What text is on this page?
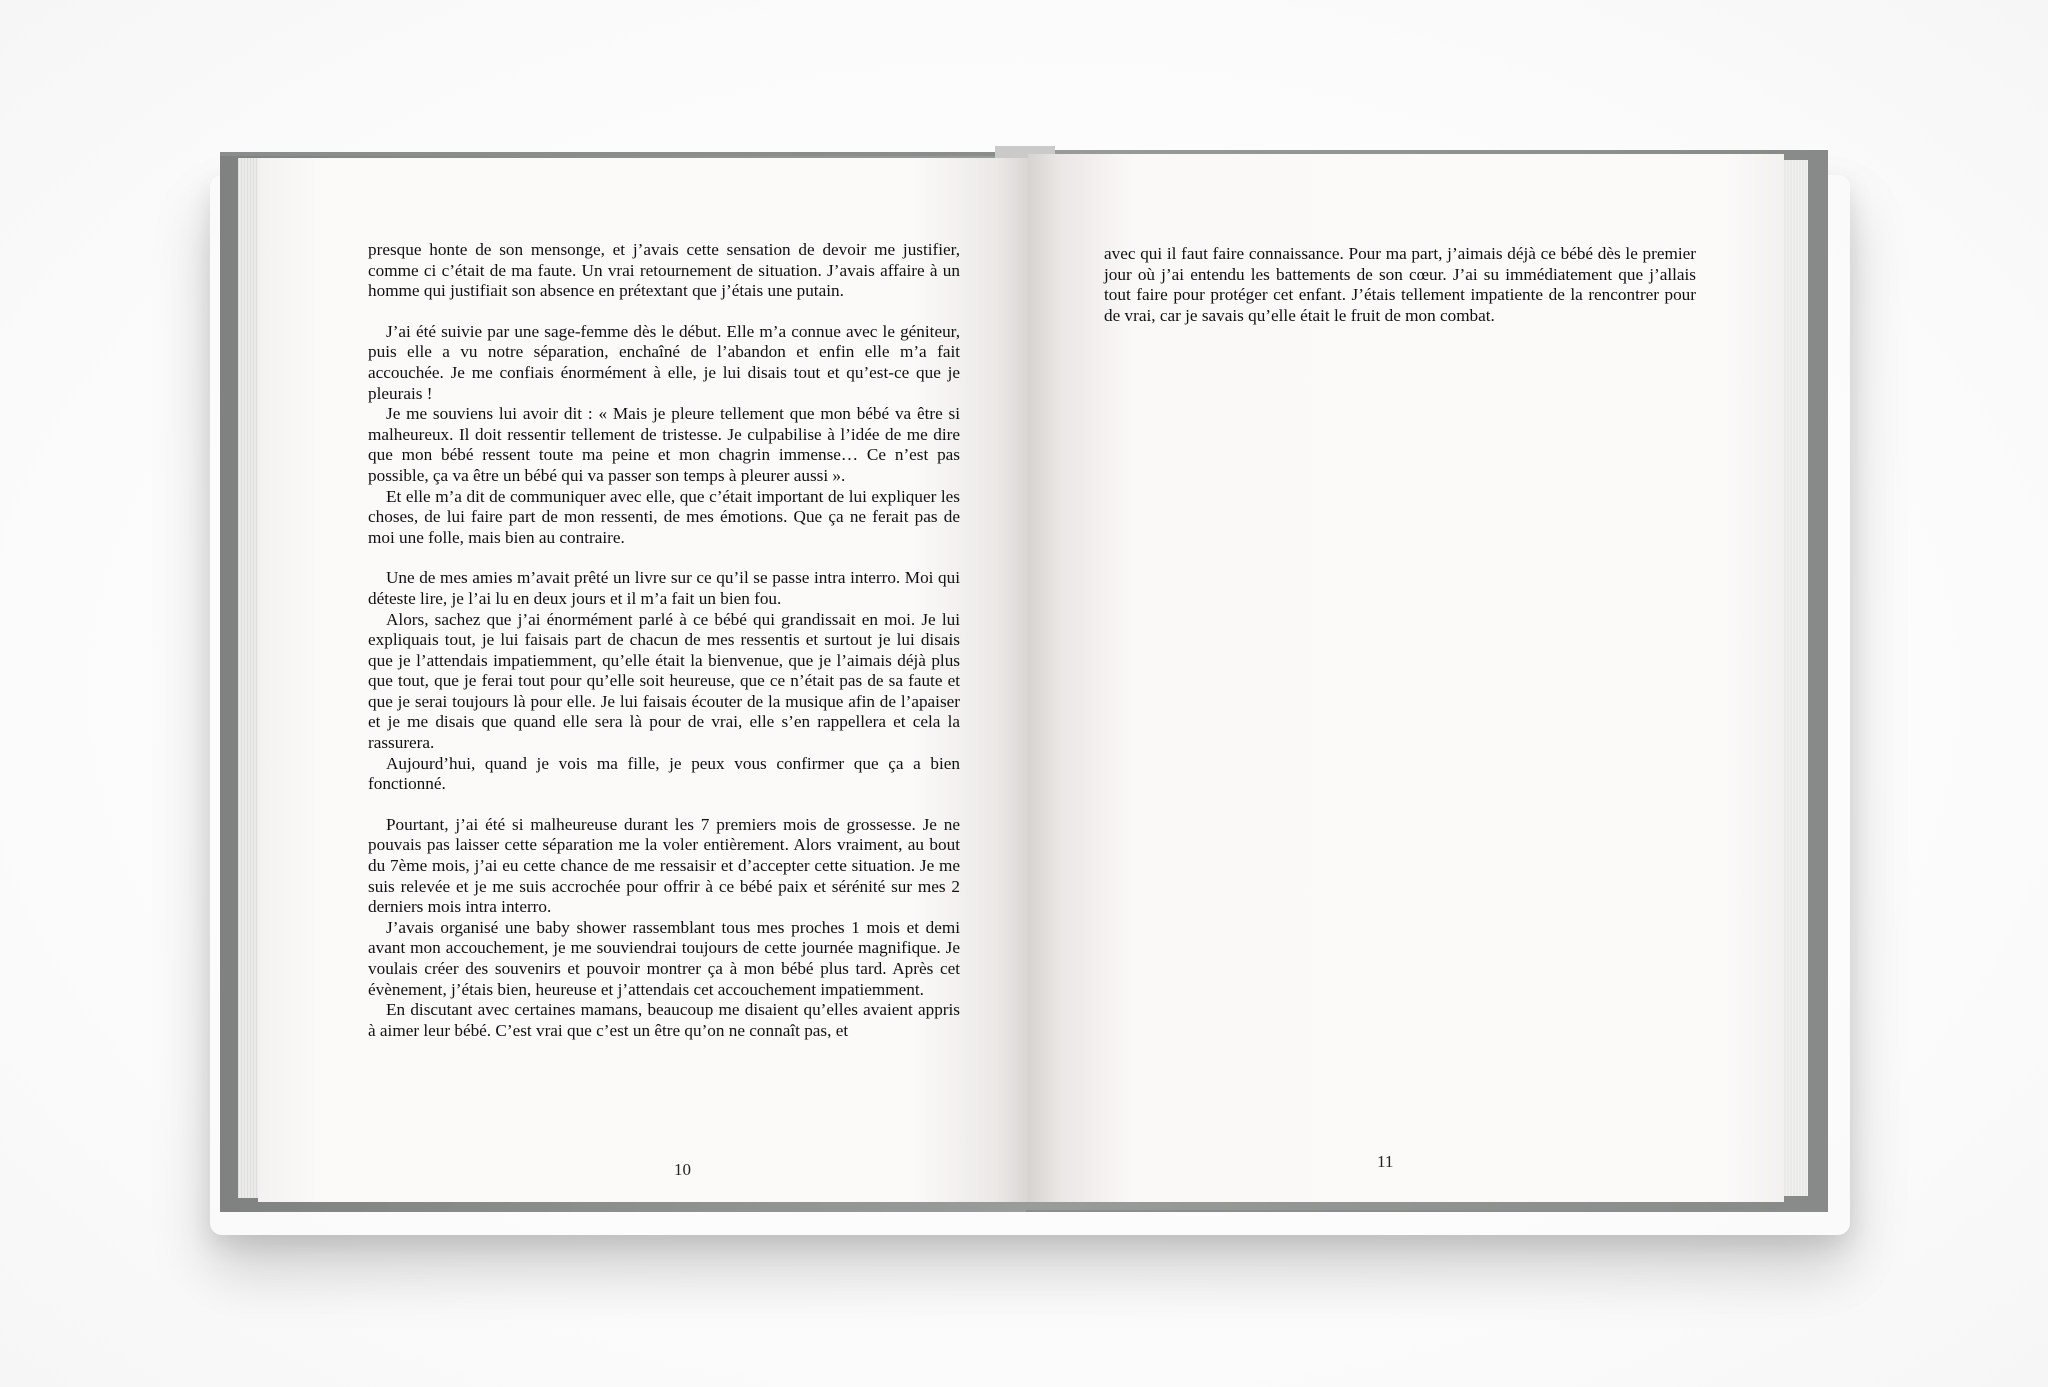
presque honte de son mensonge, et j’avais cette sensation de devoir me justifier, comme ci c’était de ma faute. Un vrai retournement de situation. J’avais affaire à un homme qui justifiait son absence en prétextant que j’étais une putain.

J’ai été suivie par une sage-femme dès le début. Elle m’a connue avec le géniteur, puis elle a vu notre séparation, enchaîné de l’abandon et enfin elle m’a fait accouchée. Je me confiais énormément à elle, je lui disais tout et qu’est-ce que je pleurais !

Je me souviens lui avoir dit : « Mais je pleure tellement que mon bébé va être si malheureux. Il doit ressentir tellement de tristesse. Je culpabilise à l’idée de me dire que mon bébé ressent toute ma peine et mon chagrin immense… Ce n’est pas possible, ça va être un bébé qui va passer son temps à pleurer aussi ».

Et elle m’a dit de communiquer avec elle, que c’était important de lui expliquer les choses, de lui faire part de mon ressenti, de mes émotions. Que ça ne ferait pas de moi une folle, mais bien au contraire.

Une de mes amies m’avait prêté un livre sur ce qu’il se passe intra interro. Moi qui déteste lire, je l’ai lu en deux jours et il m’a fait un bien fou.

Alors, sachez que j’ai énormément parlé à ce bébé qui grandissait en moi. Je lui expliquais tout, je lui faisais part de chacun de mes ressentis et surtout je lui disais que je l’attendais impatiemment, qu’elle était la bienvenue, que je l’aimais déjà plus que tout, que je ferai tout pour qu’elle soit heureuse, que ce n’était pas de sa faute et que je serai toujours là pour elle. Je lui faisais écouter de la musique afin de l’apaiser et je me disais que quand elle sera là pour de vrai, elle s’en rappellera et cela la rassurera.

Aujourd’hui, quand je vois ma fille, je peux vous confirmer que ça a bien fonctionné.

Pourtant, j’ai été si malheureuse durant les 7 premiers mois de grossesse. Je ne pouvais pas laisser cette séparation me la voler entièrement. Alors vraiment, au bout du 7ème mois, j’ai eu cette chance de me ressaisir et d’accepter cette situation. Je me suis relevée et je me suis accrochée pour offrir à ce bébé paix et sérénité sur mes 2 derniers mois intra interro.

J’avais organisé une baby shower rassemblant tous mes proches 1 mois et demi avant mon accouchement, je me souviendrai toujours de cette journée magnifique. Je voulais créer des souvenirs et pouvoir montrer ça à mon bébé plus tard. Après cet évènement, j’étais bien, heureuse et j’attendais cet accouchement impatiemment.

En discutant avec certaines mamans, beaucoup me disaient qu’elles avaient appris à aimer leur bébé. C’est vrai que c’est un être qu’on ne connaît pas, et

10

avec qui il faut faire connaissance. Pour ma part, j’aimais déjà ce bébé dès le premier jour où j’ai entendu les battements de son cœur. J’ai su immédiatement que j’allais tout faire pour protéger cet enfant. J’étais tellement impatiente de la rencontrer pour de vrai, car je savais qu’elle était le fruit de mon combat.

11
